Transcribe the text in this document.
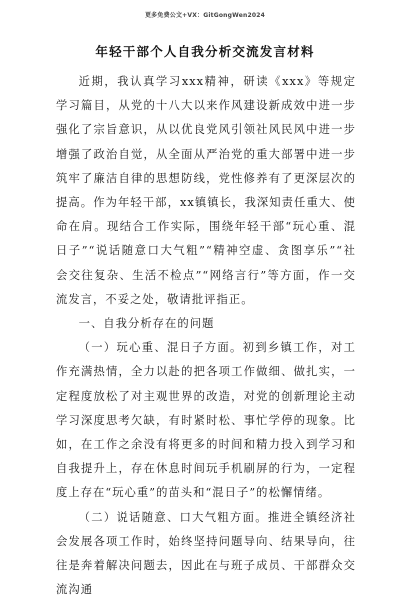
更多免费公文+VX：GitGongWen2024
年轻干部个人自我分析交流发言材料

近期，我认真学习xxx精神，研读《xxx》等规定学习篇目，从党的十八大以来作风建设新成效中进一步强化了宗旨意识，从以优良党风引领社风民风中进一步增强了政治自觉，从全面从严治党的重大部署中进一步筑牢了廉洁自律的思想防线，党性修养有了更深层次的提高。作为年轻干部，xx镇镇长，我深知责任重大、使命在肩。现结合工作实际，围绕年轻干部“玩心重、混日子”“说话随意口大气粗”“精神空虚、贪图享乐”“社会交往复杂、生活不检点”“网络言行”等方面，作一交流发言，不妥之处，敬请批评指正。

一、自我分析存在的问题

（一）玩心重、混日子方面。初到乡镇工作，对工作充满热情，全力以赴的把各项工作做细、做扎实，一定程度放松了对主观世界的改造，对党的创新理论主动学习深度思考欠缺，有时紧时松、事忙学停的现象。比如，在工作之余没有将更多的时间和精力投入到学习和自我提升上，存在休息时间玩手机刷屏的行为，一定程度上存在“玩心重”的苗头和“混日子”的松懈情绪。

（二）说话随意、口大气粗方面。推进全镇经济社会发展各项工作时，始终坚持问题导向、结果导向，往往是奔着解决问题去，因此在与班子成员、干部群众交流沟通
